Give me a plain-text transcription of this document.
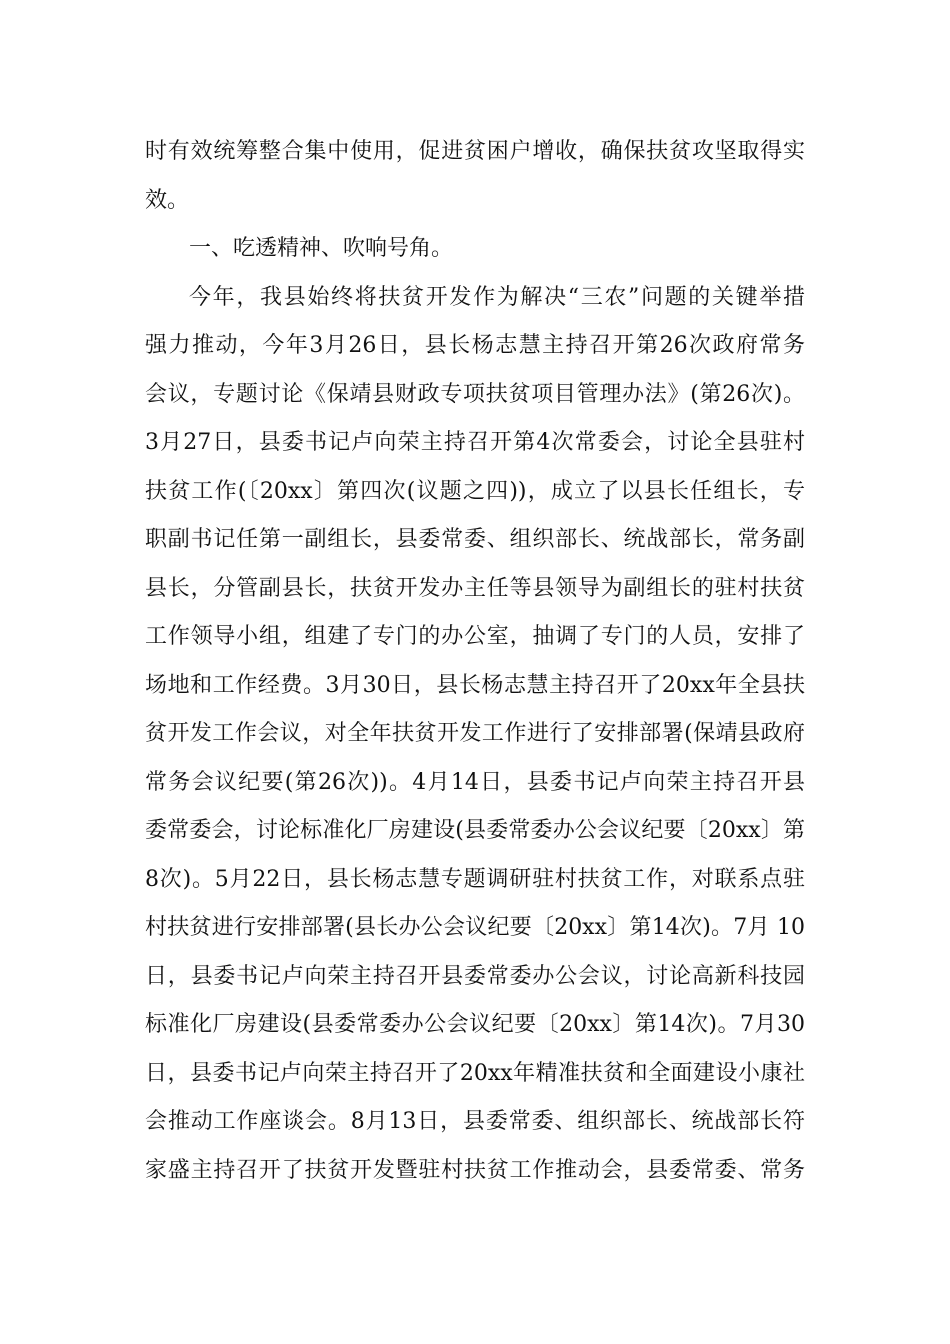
时有效统筹整合集中使用，促进贫困户增收，确保扶贫攻坚取得实
效。
一、吃透精神、吹响号角。
今年，我县始终将扶贫开发作为解决“三农”问题的关键举措
强力推动，今年3月26日，县长杨志慧主持召开第26次政府常务
会议，专题讨论《保靖县财政专项扶贫项目管理办法》(第26次)。
3月27日，县委书记卢向荣主持召开第4次常委会，讨论全县驻村
扶贫工作(〔20xx〕第四次(议题之四))，成立了以县长任组长，专
职副书记任第一副组长，县委常委、组织部长、统战部长，常务副
县长，分管副县长，扶贫开发办主任等县领导为副组长的驻村扶贫
工作领导小组，组建了专门的办公室，抽调了专门的人员，安排了
场地和工作经费。3月30日，县长杨志慧主持召开了20xx年全县扶
贫开发工作会议，对全年扶贫开发工作进行了安排部署(保靖县政府
常务会议纪要(第26次))。4月14日，县委书记卢向荣主持召开县
委常委会，讨论标准化厂房建设(县委常委办公会议纪要〔20xx〕第
8次)。5月22日，县长杨志慧专题调研驻村扶贫工作，对联系点驻
村扶贫进行安排部署(县长办公会议纪要〔20xx〕第14次)。7月 10
日，县委书记卢向荣主持召开县委常委办公会议，讨论高新科技园
标准化厂房建设(县委常委办公会议纪要〔20xx〕第14次)。7月30
日，县委书记卢向荣主持召开了20xx年精准扶贫和全面建设小康社
会推动工作座谈会。8月13日，县委常委、组织部长、统战部长符
家盛主持召开了扶贫开发暨驻村扶贫工作推动会，县委常委、常务
